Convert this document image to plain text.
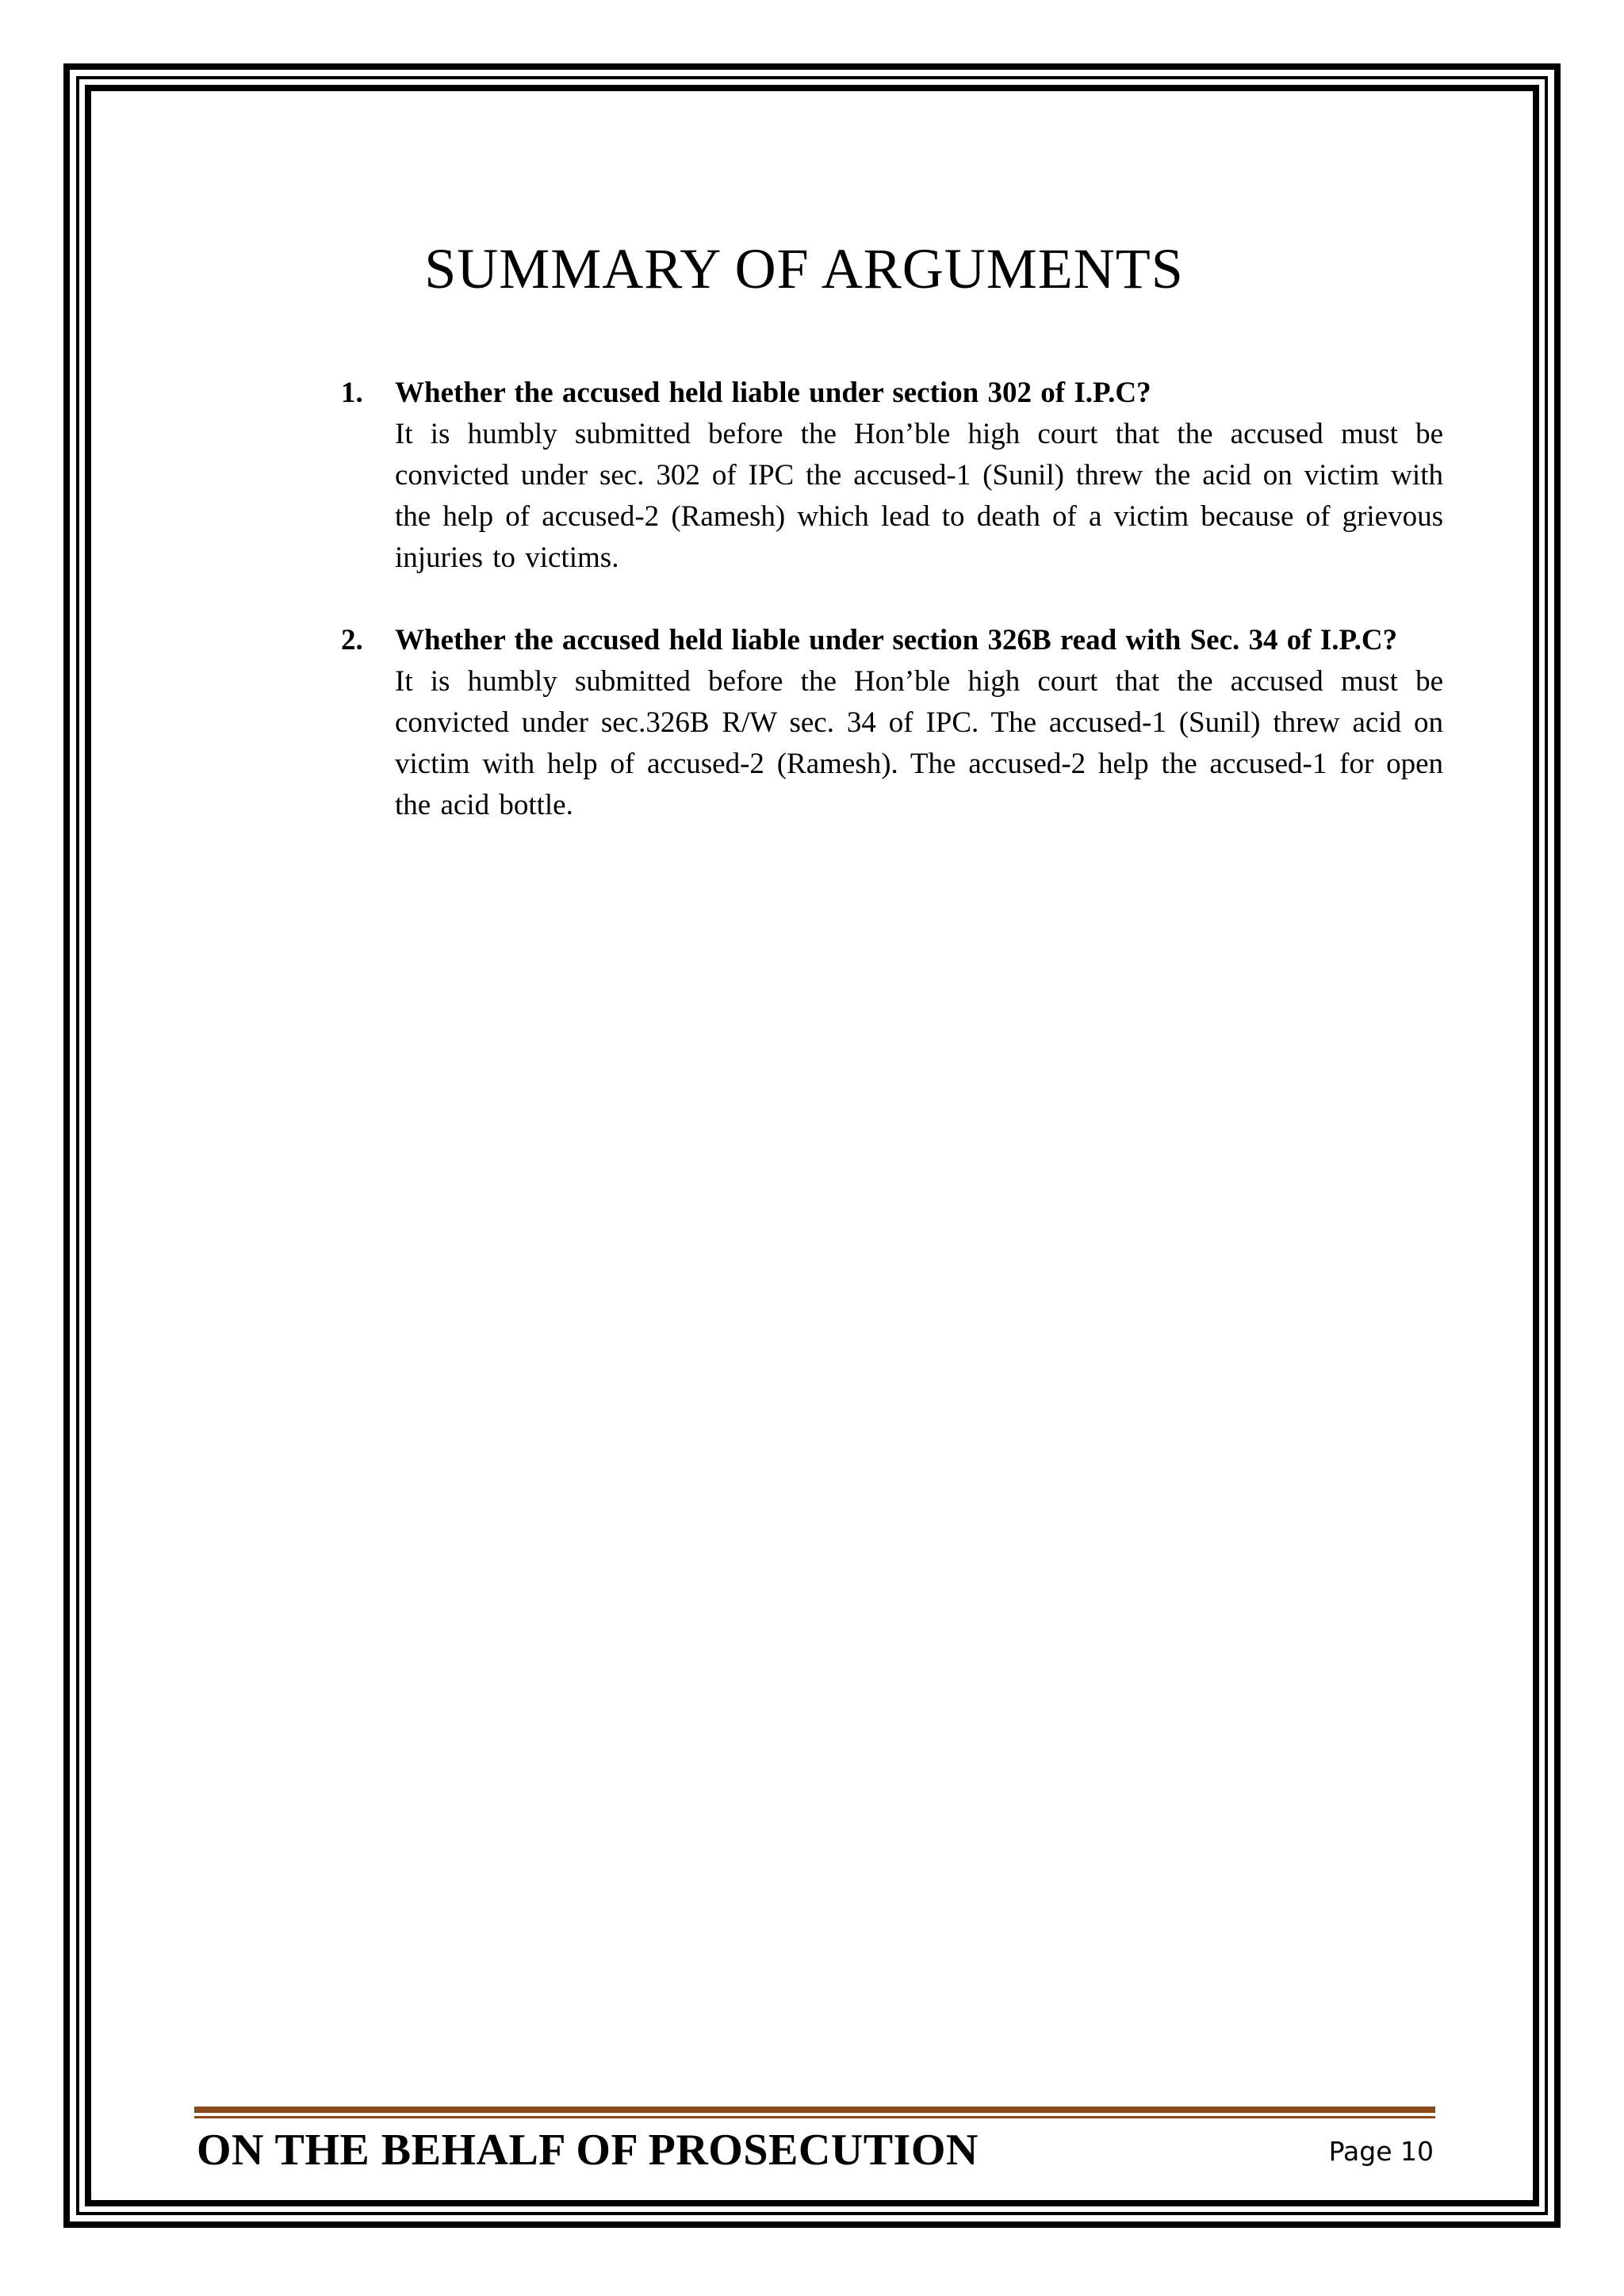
SUMMARY OF ARGUMENTS
1. Whether the accused held liable under section 302 of I.P.C?
It is humbly submitted before the Hon’ble high court that the accused must be convicted under sec. 302 of IPC the accused-1 (Sunil) threw the acid on victim with the help of accused-2 (Ramesh) which lead to death of a victim because of grievous injuries to victims.
2. Whether the accused held liable under section 326B read with Sec. 34 of I.P.C?
It is humbly submitted before the Hon’ble high court that the accused must be convicted under sec.326B R/W sec. 34 of IPC. The accused-1 (Sunil) threw acid on victim with help of accused-2 (Ramesh). The accused-2 help the accused-1 for open the acid bottle.
ON THE BEHALF OF PROSECUTION	Page 10
